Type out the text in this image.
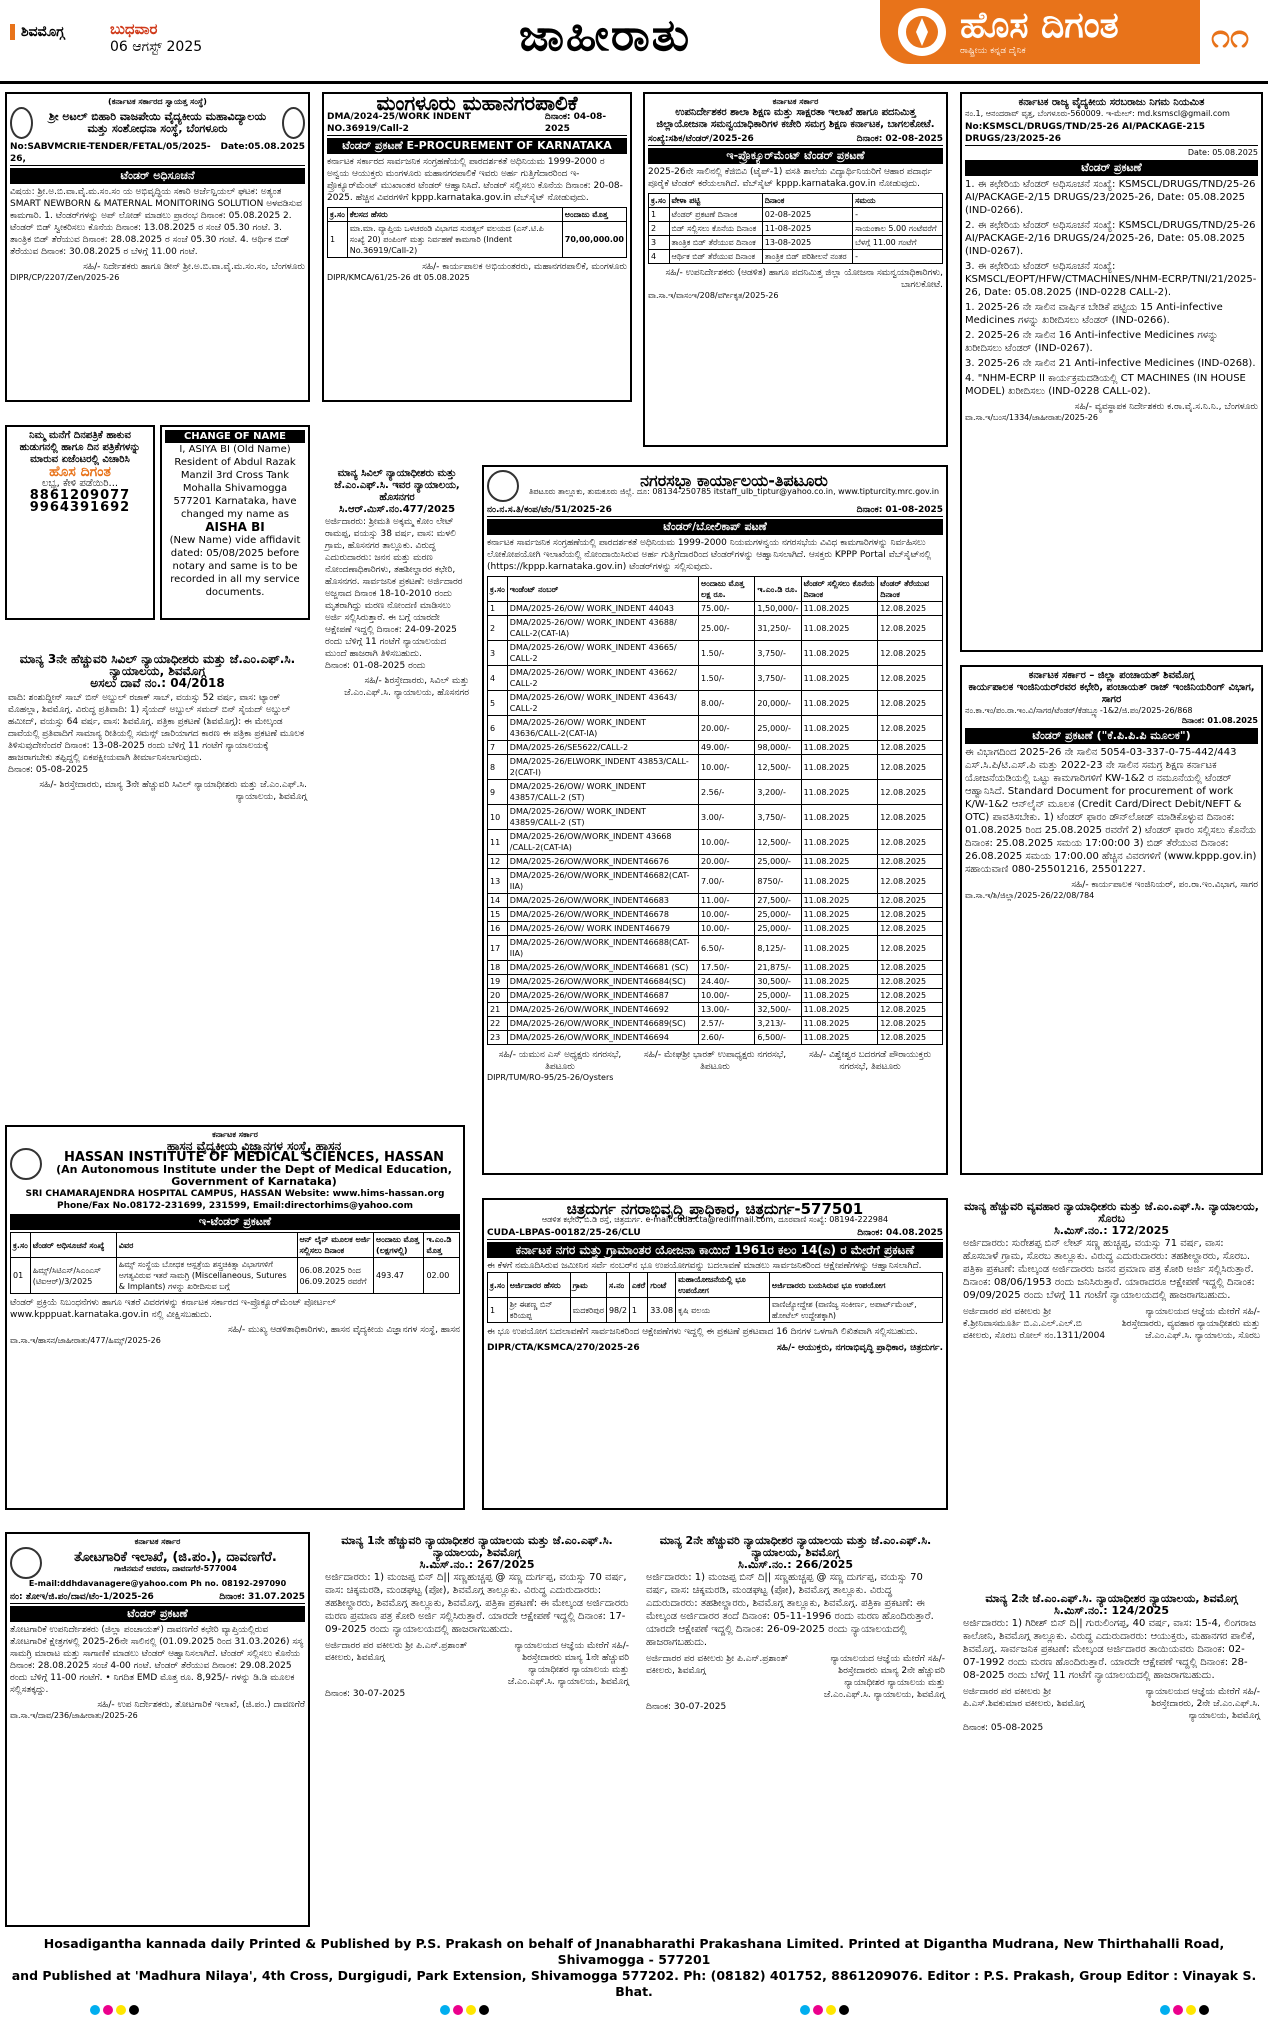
ಶಿವಮೊಗ್ಗ	ಬುಧವಾರ
06 ಆಗಸ್ಟ್ 2025	ಜಾಹೀರಾತು	ಹೊಸ ದಿಗಂತ
ರಾಷ್ಟ್ರೀಯ ಕನ್ನಡ ದೈನಿಕ	೧೧
(ಕರ್ನಾಟಕ ಸರ್ಕಾರದ ಸ್ವಾಯತ್ತ ಸಂಸ್ಥೆ)
ಶ್ರೀ ಅಟಲ್ ಬಿಹಾರಿ ವಾಜಪೇಯಿ ವೈದ್ಯಕೀಯ ಮಹಾವಿದ್ಯಾಲಯ ಮತ್ತು ಸಂಶೋಧನಾ ಸಂಸ್ಥೆ, ಬೆಂಗಳೂರು
No:SABVMCRIE-TENDER/FETAL/05/2025-26,
Date:05.08.2025
ಟೆಂಡರ್ ಅಧಿಸೂಚನೆ
ವಿಷಯ: ಶ್ರೀ.ಅ.ಬಿ.ವಾ.ವೈ.ಮ.ಸಂ.ಸಂ ಯ ಅಭಿವೃದ್ಧಿಯ ಸಕಾರಿ ಅರ್ಜೆನ್ಷಿಯಲ್ ಘಟಕ: ಅತ್ಯಂತ SMART NEWBORN & MATERNAL MONITORING SOLUTION ಅಳವಡಿಸುವ ಕಾಮಗಾರಿ. 1. ಟೆಂಡರ್‌ಗಳನ್ನು ಅಪ್ ಲೋಡ್ ಮಾಡಲು ಪ್ರಾರಂಭ ದಿನಾಂಕ: 05.08.2025 2. ಟೆಂಡರ್ ಬಿಡ್ ಸ್ವೀಕರಿಸಲು ಕೊನೆಯ ದಿನಾಂಕ: 13.08.2025 ರ ಸಂಜೆ 05.30 ಗಂಟೆ. 3. ತಾಂತ್ರಿಕ ಬಿಡ್ ತೆರೆಯುವ ದಿನಾಂಕ: 28.08.2025 ರ ಸಂಜೆ 05.30 ಗಂಟೆ. 4. ಆರ್ಥಿಕ ಬಿಡ್ ತೆರೆಯುವ ದಿನಾಂಕ: 30.08.2025 ರ ಬೆಳಗ್ಗೆ 11.00 ಗಂಟೆ.
ಸಹಿ/- ನಿರ್ದೇಶಕರು ಹಾಗೂ ಡೀನ್ ಶ್ರೀ.ಅ.ಬಿ.ವಾ.ವೈ.ಮ.ಸಂ.ಸಂ, ಬೆಂಗಳೂರು
DIPR/CP/2207/Zen/2025-26
ಮಂಗಳೂರು ಮಹಾನಗರಪಾಲಿಕೆ
DMA/2024-25/WORK INDENT NO.36919/Call-2
ದಿನಾಂಕ: 04-08-2025
ಟೆಂಡರ್ ಪ್ರಕಟಣೆ E-PROCUREMENT OF KARNATAKA
ಕರ್ನಾಟಕ ಸರ್ಕಾರದ ಸಾರ್ವಜನಿಕ ಸಂಗ್ರಹಣೆಯಲ್ಲಿ ಪಾರದರ್ಶಕತೆ ಅಧಿನಿಯಮ 1999-2000 ರ ಅನ್ವಯ ಆಯುಕ್ತರು ಮಂಗಳೂರು ಮಹಾನಗರಪಾಲಿಕೆ ಇವರು ಅರ್ಹ ಗುತ್ತಿಗೆದಾರರಿಂದ ಇ-ಪ್ರೊಕ್ಯೂರ್‌ಮೆಂಟ್ ಮುಖಾಂತರ ಟೆಂಡರ್ ಆಹ್ವಾನಿಸಿದೆ. ಟೆಂಡರ್ ಸಲ್ಲಿಸಲು ಕೊನೆಯ ದಿನಾಂಕ: 20-08-2025. ಹೆಚ್ಚಿನ ವಿವರಗಳಿಗೆ kppp.karnataka.gov.in ವೆಬ್‌ಸೈಟ್ ನೋಡುವುದು.
ಕ್ರ.ಸಂ	ಕೆಲಸದ ಹೆಸರು	ಅಂದಾಜು ಮೊತ್ತ
1	ಮಾ.ಮಾ. ವ್ಯಾಪ್ತಿಯ ಒಳಚರಂಡಿ ವಿಭಾಗದ ಸುರತ್ಕಲ್ ವಲಯದ (ಎಸ್.ಟಿ.ಪಿ ಸಂಖ್ಯೆ 20) ಪಂಪಿಂಗ್ ಮತ್ತು ನಿರ್ವಹಣೆ ಕಾಮಗಾರಿ (Indent No.36919/Call-2)	70,00,000.00
ಸಹಿ/- ಕಾರ್ಯಪಾಲಕ ಅಭಿಯಂತರರು, ಮಹಾನಗರಪಾಲಿಕೆ, ಮಂಗಳೂರು
DIPR/KMCA/61/25-26 dt 05.08.2025
ಕರ್ನಾಟಕ ಸರ್ಕಾರ
ಉಪನಿರ್ದೇಶಕರ ಶಾಲಾ ಶಿಕ್ಷಣ ಮತ್ತು ಸಾಕ್ಷರತಾ ಇಲಾಖೆ ಹಾಗೂ ಪದನಿಮಿತ್ತ ಜಿಲ್ಲಾಯೋಜನಾ ಸಮನ್ವಯಾಧಿಕಾರಿಗಳ ಕಚೇರಿ ಸಮಗ್ರ ಶಿಕ್ಷಣ ಕರ್ನಾಟಕ, ಬಾಗಲಕೋಟೆ.
ಸಂಖ್ಯೆ:ಸಶಿಕ/ಟೆಂಡರ್/2025-26	ದಿನಾಂಕ: 02-08-2025
ಇ-ಪ್ರೊಕ್ಯೂರ್‌ಮೆಂಟ್ ಟೆಂಡರ್ ಪ್ರಕಟಣೆ
2025-26ನೇ ಸಾಲಿನಲ್ಲಿ ಕೆಜಿಬಿವಿ (ಟೈಪ್-1) ವಸತಿ ಶಾಲೆಯ ವಿದ್ಯಾರ್ಥಿನಿಯರಿಗೆ ಆಹಾರ ಪದಾರ್ಥ ಪೂರೈಕೆ ಟೆಂಡರ್ ಕರೆಯಲಾಗಿದೆ. ವೆಬ್‌ಸೈಟ್ kppp.karnataka.gov.in ನೋಡುವುದು.
ಕ್ರ.ಸಂ	ವೇಳಾ ಪಟ್ಟಿ	ದಿನಾಂಕ	ಸಮಯ
1	ಟೆಂಡರ್ ಪ್ರಕಟಣೆ ದಿನಾಂಕ	02-08-2025	-
2	ಬಿಡ್ ಸಲ್ಲಿಸಲು ಕೊನೆಯ ದಿನಾಂಕ	11-08-2025	ಸಾಯಂಕಾಲ 5.00 ಗಂಟೆವರೆಗೆ
3	ತಾಂತ್ರಿಕ ಬಿಡ್ ತೆರೆಯುವ ದಿನಾಂಕ	13-08-2025	ಬೆಳಗ್ಗೆ 11.00 ಗಂಟೆಗೆ
4	ಆರ್ಥಿಕ ಬಿಡ್ ತೆರೆಯುವ ದಿನಾಂಕ	ತಾಂತ್ರಿಕ ಬಿಡ್ ಪರಿಶೀಲನೆ ನಂತರ	-
ಸಹಿ/- ಉಪನಿರ್ದೇಶಕರು (ಆಡಳಿತ) ಹಾಗೂ ಪದನಿಮಿತ್ತ ಜಿಲ್ಲಾ ಯೋಜನಾ ಸಮನ್ವಯಾಧಿಕಾರಿಗಳು, ಬಾಗಲಕೋಟೆ.
ವಾ.ಸಾ.ಇ/ವಾಸಂಇ/208/ವರ್ಗೀಕೃತ/2025-26
ಕರ್ನಾಟಕ ರಾಜ್ಯ ವೈದ್ಯಕೀಯ ಸರಬರಾಜು ನಿಗಮ ನಿಯಮಿತ
ನಂ.1, ಆನಂದರಾವ್ ವೃತ್ತ, ಬೆಂಗಳೂರು-560009. ಇ-ಮೇಲ್: md.ksmscl@gmail.com
No:KSMSCL/DRUGS/TND/25-26 AI/PACKAGE-215 DRUGS/23/2025-26
Date: 05.08.2025
ಟೆಂಡರ್ ಪ್ರಕಟಣೆ

1. ಈ ಕಛೇರಿಯ ಟೆಂಡರ್ ಅಧಿಸೂಚನೆ ಸಂಖ್ಯೆ: KSMSCL/DRUGS/TND/25-26 AI/PACKAGE-2/15 DRUGS/23/2025-26, Date: 05.08.2025 (IND-0266).

2. ಈ ಕಛೇರಿಯ ಟೆಂಡರ್ ಅಧಿಸೂಚನೆ ಸಂಖ್ಯೆ: KSMSCL/DRUGS/TND/25-26 AI/PACKAGE-2/16 DRUGS/24/2025-26, Date: 05.08.2025 (IND-0267).

3. ಈ ಕಛೇರಿಯ ಟೆಂಡರ್ ಅಧಿಸೂಚನೆ ಸಂಖ್ಯೆ: KSMSCL/EOPT/HFW/CTMACHINES/NHM-ECRP/TNI/21/2025-26, Date: 05.08.2025 (IND-0228 CALL-2).

1. 2025-26 ನೇ ಸಾಲಿನ ವಾರ್ಷಿಕ ಬೇಡಿಕೆ ಪಟ್ಟಿಯ 15 Anti-infective Medicines ಗಳನ್ನು ಖರೀದಿಸಲು ಟೆಂಡರ್ (IND-0266).

2. 2025-26 ನೇ ಸಾಲಿನ 16 Anti-infective Medicines ಗಳನ್ನು ಖರೀದಿಸಲು ಟೆಂಡರ್ (IND-0267).

3. 2025-26 ನೇ ಸಾಲಿನ 21 Anti-infective Medicines (IND-0268).

4. "NHM-ECRP II ಕಾರ್ಯಕ್ರಮದಡಿಯಲ್ಲಿ CT MACHINES (IN HOUSE MODEL) ಖರೀದಿಸಲು (IND-0228 CALL-02).

ಸಹಿ/- ವ್ಯವಸ್ಥಾಪಕ ನಿರ್ದೇಶಕರು ಕ.ರಾ.ವೈ.ಸ.ನಿ.ನಿ., ಬೆಂಗಳೂರು
ವಾ.ಸಾ.ಇ/ಬಂಸ/1334/ಜಾಹೀರಾತು/2025-26
ನಿಮ್ಮ ಮನೆಗೆ ದಿನಪತ್ರಿಕೆ ಹಾಕುವ ಹುಡುಗನಲ್ಲಿ ಹಾಗೂ ದಿನ ಪತ್ರಿಕೆಗಳನ್ನು ಮಾರುವ ಏಜೆಂಟರಲ್ಲಿ ವಿಚಾರಿಸಿ
ಹೊಸ ದಿಗಂತ
ಲಭ್ಯ, ಕೇಳಿ ಪಡೆಯಿರಿ...
8861209077
9964391692
CHANGE OF NAME
I, ASIYA BI (Old Name) Resident of Abdul Razak Manzil 3rd Cross Tank Mohalla Shivamogga 577201 Karnataka, have changed my name as
AISHA BI
(New Name) vide affidavit dated: 05/08/2025 before notary and same is to be recorded in all my service documents.
ಮಾನ್ಯ 3ನೇ ಹೆಚ್ಚುವರಿ ಸಿವಿಲ್ ನ್ಯಾಯಾಧೀಶರು ಮತ್ತು ಜೆ.ಎಂ.ಎಫ್.ಸಿ. ನ್ಯಾಯಾಲಯ, ಶಿವಮೊಗ್ಗ
ಅಸಲು ದಾವೆ ನಂ.: 04/2018
ವಾದಿ: ಶಂಶುದ್ದೀನ್ ಸಾಬ್ ಬಿನ್ ಅಬ್ದುಲ್ ರಜಾಕ್ ಸಾಬ್, ವಯಸ್ಸು 52 ವರ್ಷ, ವಾಸ: ಟ್ಯಾಂಕ್ ಮೊಹಲ್ಲಾ, ಶಿವಮೊಗ್ಗ. ವಿರುದ್ಧ ಪ್ರತಿವಾದಿ: 1) ಸೈಯದ್ ಅಬ್ದುಲ್ ಸಮದ್ ಬಿನ್ ಸೈಯದ್ ಅಬ್ದುಲ್ ಹಮೀದ್, ವಯಸ್ಸು 64 ವರ್ಷ, ವಾಸ: ಶಿವಮೊಗ್ಗ. ಪತ್ರಿಕಾ ಪ್ರಕಟಣೆ (ಶಿವಮೊಗ್ಗ): ಈ ಮೇಲ್ಕಂಡ ದಾವೆಯಲ್ಲಿ ಪ್ರತಿವಾದಿಗೆ ಸಾಮಾನ್ಯ ರೀತಿಯಲ್ಲಿ ಸಮನ್ಸ್ ಜಾರಿಯಾಗದ ಕಾರಣ ಈ ಪತ್ರಿಕಾ ಪ್ರಕಟಣೆ ಮೂಲಕ ತಿಳಿಸುವುದೇನೆಂದರೆ ದಿನಾಂಕ: 13-08-2025 ರಂದು ಬೆಳಿಗ್ಗೆ 11 ಗಂಟೆಗೆ ನ್ಯಾಯಾಲಯಕ್ಕೆ ಹಾಜರಾಗಬೇಕು ತಪ್ಪಿದ್ದಲ್ಲಿ ಏಕಪಕ್ಷೀಯವಾಗಿ ತೀರ್ಮಾನಿಸಲಾಗುವುದು.
ದಿನಾಂಕ: 05-08-2025
ಸಹಿ/- ಶಿರಸ್ತೇದಾರರು, ಮಾನ್ಯ 3ನೇ ಹೆಚ್ಚುವರಿ ಸಿವಿಲ್ ನ್ಯಾಯಾಧೀಶರು ಮತ್ತು ಜೆ.ಎಂ.ಎಫ್.ಸಿ. ನ್ಯಾಯಾಲಯ, ಶಿವಮೊಗ್ಗ
ಮಾನ್ಯ ಸಿವಿಲ್ ನ್ಯಾಯಾಧೀಶರು ಮತ್ತು ಜೆ.ಎಂ.ಎಫ್.ಸಿ. ಇವರ ನ್ಯಾಯಾಲಯ, ಹೊಸನಗರ
ಸಿ.ಆರ್.ಮಿಸ್.ನಂ.477/2025
ಅರ್ಜಿದಾರರು: ಶ್ರೀಮತಿ ಅಕ್ಕಮ್ಮ ಕೋಂ ಲೇಟ್ ರಾಮಪ್ಪ, ವಯಸ್ಸು 38 ವರ್ಷ, ವಾಸ: ಮಳಲಿ ಗ್ರಾಮ, ಹೊಸನಗರ ತಾಲ್ಲೂಕು. ವಿರುದ್ಧ ಎದುರುದಾರರು: ಜನನ ಮತ್ತು ಮರಣ ನೋಂದಣಾಧಿಕಾರಿಗಳು, ತಹಶೀಲ್ದಾರರ ಕಛೇರಿ, ಹೊಸನಗರ. ಸಾರ್ವಜನಿಕ ಪ್ರಕಟಣೆ: ಅರ್ಜಿದಾರರ ಅಜ್ಜನಾದ ದಿನಾಂಕ 18-10-2010 ರಂದು ಮೃತರಾಗಿದ್ದು ಮರಣ ನೋಂದಣಿ ಮಾಡಿಸಲು ಅರ್ಜಿ ಸಲ್ಲಿಸಿರುತ್ತಾರೆ. ಈ ಬಗ್ಗೆ ಯಾರದೇ ಆಕ್ಷೇಪಣೆ ಇದ್ದಲ್ಲಿ ದಿನಾಂಕ: 24-09-2025 ರಂದು ಬೆಳಿಗ್ಗೆ 11 ಗಂಟೆಗೆ ನ್ಯಾಯಾಲಯದ ಮುಂದೆ ಹಾಜರಾಗಿ ತಿಳಿಸಬಹುದು.
ದಿನಾಂಕ: 01-08-2025 ರಂದು
ಸಹಿ/- ಶಿರಸ್ತೇದಾರರು, ಸಿವಿಲ್ ಮತ್ತು ಜೆ.ಎಂ.ಎಫ್.ಸಿ. ನ್ಯಾಯಾಲಯ, ಹೊಸನಗರ
ನಗರಸಭಾ ಕಾರ್ಯಾಲಯ-ತಿಪಟೂರು
ತಿಪಟೂರು ತಾಲ್ಲೂಕು, ತುಮಕೂರು ಜಿಲ್ಲೆ. ದೂ: 08134-250785 itstaff_ulb_tiptur@yahoo.co.in, www.tipturcity.mrc.gov.in
ನಂ.ನ.ಸ.ತಿ/ಕಂಪ/ಟೆಂ/51/2025-26	ದಿನಾಂಕ: 01-08-2025
ಟೆಂಡರ್/ಬೋಲಿಕಾಪ್ ಪಟಣೆ
ಕರ್ನಾಟಕ ಸಾರ್ವಜನಿಕ ಸಂಗ್ರಹಣೆಯಲ್ಲಿ ಪಾರದರ್ಶಕತೆ ಅಧಿನಿಯಮ 1999-2000 ನಿಯಮಗಳನ್ವಯ ನಗರಸಭೆಯ ವಿವಿಧ ಕಾಮಗಾರಿಗಳನ್ನು ನಿರ್ವಹಿಸಲು ಲೋಕೋಪಯೋಗಿ ಇಲಾಖೆಯಲ್ಲಿ ನೋಂದಾಯಿಸಿರುವ ಅರ್ಹ ಗುತ್ತಿಗೆದಾರರಿಂದ ಟೆಂಡರ್‌ಗಳನ್ನು ಆಹ್ವಾನಿಸಲಾಗಿದೆ. ಆಸಕ್ತರು KPPP Portal ವೆಬ್‌ಸೈಟ್‌ನಲ್ಲಿ (https://kppp.karnataka.gov.in) ಟೆಂಡರ್‌ಗಳನ್ನು ಸಲ್ಲಿಸುವುದು.
ಕ್ರ.ಸಂ	ಇಂಡೆಂಟ್ ನಂಬರ್	ಅಂದಾಜು ಮೊತ್ತ ಲಕ್ಷ ರೂ.	ಇ.ಎಂ.ಡಿ ರೂ.	ಟೆಂಡರ್ ಸಲ್ಲಿಸಲು ಕೊನೆಯ ದಿನಾಂಕ	ಟೆಂಡರ್ ತೆರೆಯುವ ದಿನಾಂಕ
1	DMA/2025-26/OW/ WORK_INDENT 44043	75.00/-	1,50,000/-	11.08.2025	12.08.2025
2	DMA/2025-26/OW/ WORK_INDENT 43688/ CALL-2(CAT-IA)	25.00/-	31,250/-	11.08.2025	12.08.2025
3	DMA/2025-26/OW/ WORK_INDENT 43665/ CALL-2	1.50/-	3,750/-	11.08.2025	12.08.2025
4	DMA/2025-26/OW/ WORK_INDENT 43662/ CALL-2	1.50/-	3,750/-	11.08.2025	12.08.2025
5	DMA/2025-26/OW/ WORK_INDENT 43643/ CALL-2	8.00/-	20,000/-	11.08.2025	12.08.2025
6	DMA/2025-26/OW/ WORK_INDENT 43636/CALL-2(CAT-IA)	20.00/-	25,000/-	11.08.2025	12.08.2025
7	DMA/2025-26/SE5622/CALL-2	49.00/-	98,000/-	11.08.2025	12.08.2025
8	DMA/2025-26/ELWORK_INDENT 43853/CALL-2(CAT-I)	10.00/-	12,500/-	11.08.2025	12.08.2025
9	DMA/2025-26/OW/ WORK_INDENT 43857/CALL-2 (ST)	2.56/-	3,200/-	11.08.2025	12.08.2025
10	DMA/2025-26/OW/ WORK_INDENT 43859/CALL-2 (ST)	3.00/-	3,750/-	11.08.2025	12.08.2025
11	DMA/2025-26/OW/WORK_INDENT 43668 /CALL-2(CAT-IA)	10.00/-	12,500/-	11.08.2025	12.08.2025
12	DMA/2025-26/OW/WORK_INDENT46676	20.00/-	25,000/-	11.08.2025	12.08.2025
13	DMA/2025-26/OW/WORK_INDENT46682(CAT-IIA)	7.00/-	8750/-	11.08.2025	12.08.2025
14	DMA/2025-26/OW/WORK_INDENT46683	11.00/-	27,500/-	11.08.2025	12.08.2025
15	DMA/2025-26/OW/WORK_INDENT46678	10.00/-	25,000/-	11.08.2025	12.08.2025
16	DMA/2025-26/OW/ WORK INDENT46679	10.00/-	25,000/-	11.08.2025	12.08.2025
17	DMA/2025-26/OW/WORK_INDENT46688(CAT-IIA)	6.50/-	8,125/-	11.08.2025	12.08.2025
18	DMA/2025-26/OW/WORK_INDENT46681 (SC)	17.50/-	21,875/-	11.08.2025	12.08.2025
19	DMA/2025-26/OW/WORK_INDENT46684(SC)	24.40/-	30,500/-	11.08.2025	12.08.2025
20	DMA/2025-26/OW/WORK_INDENT46687	10.00/-	25,000/-	11.08.2025	12.08.2025
21	DMA/2025-26/OW/WORK_INDENT46692	13.00/-	32,500/-	11.08.2025	12.08.2025
22	DMA/2025-26/OW/WORK_INDENT46689(SC)	2.57/-	3,213/-	11.08.2025	12.08.2025
23	DMA/2025-26/OW/WORK_INDENT46694	2.60/-	6,500/-	11.08.2025	12.08.2025
ಸಹಿ/- ಯಮುನ ಎಸ್ ಅಧ್ಯಕ್ಷರು ನಗರಸಭೆ, ತಿಪಟೂರು
ಸಹಿ/- ಮೇಘಶ್ರೀ ಭಾರತ್ ಉಪಾಧ್ಯಕ್ಷರು ನಗರಸಭೆ, ತಿಪಟೂರು
ಸಹಿ/- ವಿಶ್ವೇಶ್ವರ ಬದರಗಡೆ ಪೌರಾಯುಕ್ತರು ನಗರಸಭೆ, ತಿಪಟೂರು
DIPR/TUM/RO-95/25-26/Oysters
ಕರ್ನಾಟಕ ಸರ್ಕಾರ – ಜಿಲ್ಲಾ ಪಂಚಾಯತ್ ಶಿವಮೊಗ್ಗ
ಕಾರ್ಯಪಾಲಕ ಇಂಜಿನಿಯರ್‌ರವರ ಕಛೇರಿ, ಪಂಚಾಯತ್ ರಾಜ್ ಇಂಜಿನಿಯರಿಂಗ್ ವಿಭಾಗ, ಸಾಗರ
ನಂ.ಕಾ.ಇಂ/ಪಂ.ರಾ.ಇಂ.ವಿ/ಸಾಗರ/ಟೆಂಡರ್/ಕೆಡಬ್ಲ್ಯೂ-1&2/ಜಿ.ಪಂ/2025-26/868
ದಿನಾಂಕ: 01.08.2025
ಟೆಂಡರ್ ಪ್ರಕಟಣೆ ("ಕೆ.ಪಿ.ಪಿ.ಪಿ ಮೂಲಕ")
ಈ ವಿಭಾಗದಿಂದ 2025-26 ನೇ ಸಾಲಿನ 5054-03-337-0-75-442/443 ಎಸ್.ಸಿ.ಪಿ/ಟಿ.ಎಸ್.ಪಿ ಮತ್ತು 2022-23 ನೇ ಸಾಲಿನ ಸಮಗ್ರ ಶಿಕ್ಷಣ ಕರ್ನಾಟಕ ಯೋಜನೆಯಡಿಯಲ್ಲಿ ಒಟ್ಟು ಕಾಮಗಾರಿಗಳಿಗೆ KW-1&2 ರ ನಮೂನೆಯಲ್ಲಿ ಟೆಂಡರ್ ಆಹ್ವಾನಿಸಿದೆ. Standard Document for procurement of work K/W-1&2 ಆನ್‌ಲೈನ್ ಮೂಲಕ (Credit Card/Direct Debit/NEFT & OTC) ಪಾವತಿಸಬೇಕು. 1) ಟೆಂಡರ್ ಫಾರಂ ಡೌನ್‌ಲೋಡ್ ಮಾಡಿಕೊಳ್ಳುವ ದಿನಾಂಕ: 01.08.2025 ರಿಂದ 25.08.2025 ರವರೆಗೆ 2) ಟೆಂಡರ್ ಫಾರಂ ಸಲ್ಲಿಸಲು ಕೊನೆಯ ದಿನಾಂಕ: 25.08.2025 ಸಮಯ 17:00:00 3) ಬಿಡ್ ತೆರೆಯುವ ದಿನಾಂಕ: 26.08.2025 ಸಮಯ 17:00.00 ಹೆಚ್ಚಿನ ವಿವರಗಳಿಗೆ (www.kppp.gov.in) ಸಹಾಯವಾಣಿ 080-25501216, 25501227.
ಸಹಿ/- ಕಾರ್ಯಪಾಲಕ ಇಂಜಿನಿಯರ್, ಪಂ.ರಾ.ಇಂ.ವಿಭಾಗ, ಸಾಗರ
ವಾ.ಸಾ.ಇ/ಶಿ/ಜಿಲ್ಲಾ/2025-26/22/08/784
ಕರ್ನಾಟಕ ಸರ್ಕಾರ
ಹಾಸನ ವೈದ್ಯಕೀಯ ವಿಜ್ಞಾನಗಳ ಸಂಸ್ಥೆ, ಹಾಸನ
HASSAN INSTITUTE OF MEDICAL SCIENCES, HASSAN
(An Autonomous Institute under the Dept of Medical Education, Government of Karnataka)
SRI CHAMARAJENDRA HOSPITAL CAMPUS, HASSAN Website: www.hims-hassan.org
Phone/Fax No.08172-231699, 231599, Email:directorhims@yahoo.com
ಇ-ಟೆಂಡರ್ ಪ್ರಕಟಣೆ
ಕ್ರ.ಸಂ	ಟೆಂಡರ್ ಅಧಿಸೂಚನೆ ಸಂಖ್ಯೆ	ವಿವರ	ಆನ್ ಲೈನ್ ಮೂಲಕ ಅರ್ಜಿ ಸಲ್ಲಿಸಲು ದಿನಾಂಕ	ಅಂದಾಜು ಮೊತ್ತ (ಲಕ್ಷಗಳಲ್ಲಿ)	ಇ.ಎಂ.ಡಿ ಮೊತ್ತ
01	ಹಿಮ್ಸ್/ಸಿಟಿಎಸ್/ಸಿಎಂಎಸ್ (ಟಿಐಆರ್)/3/2025	ಹಿಮ್ಸ್ ಸಂಸ್ಥೆಯ ಬೋಧಕ ಆಸ್ಪತ್ರೆಯ ಶಸ್ತ್ರಚಿಕಿತ್ಸಾ ವಿಭಾಗಗಳಿಗೆ ಅಗತ್ಯವಿರುವ ಇತರೆ ಸಾಮಗ್ರಿ (Miscellaneous, Sutures & Implants) ಗಳನ್ನು ಖರೀದಿಸುವ ಬಗ್ಗೆ	06.08.2025 ರಿಂದ 06.09.2025 ರವರೆಗೆ	493.47	02.00
ಟೆಂಡರ್ ಪ್ರಕ್ರಿಯೆ ನಿಬಂಧನೆಗಳು ಹಾಗೂ ಇತರೆ ವಿವರಗಳನ್ನು ಕರ್ನಾಟಕ ಸರ್ಕಾರದ ಇ-ಪ್ರೊಕ್ಯೂರ್‌ಮೆಂಟ್ ಪೋರ್ಟಲ್ www.kpppuat.karnataka.gov.in ನಲ್ಲಿ ವೀಕ್ಷಿಸಬಹುದು.
ಸಹಿ/- ಮುಖ್ಯ ಆಡಳಿತಾಧಿಕಾರಿಗಳು, ಹಾಸನ ವೈದ್ಯಕೀಯ ವಿಜ್ಞಾನಗಳ ಸಂಸ್ಥೆ, ಹಾಸನ
ವಾ.ಸಾ.ಇ/ಹಾಸನ/ಜಾಹೀರಾತು/477/ಹಿಮ್ಸ್/2025-26
ಚಿತ್ರದುರ್ಗ ನಗರಾಭಿವೃದ್ಧಿ ಪ್ರಾಧಿಕಾರ, ಚಿತ್ರದುರ್ಗ-577501
ಆಡಳಿತ ಕಛೇರಿ, ಬಿ.ಡಿ ರಸ್ತೆ, ಚಿತ್ರದುರ್ಗ. e-mail:cuda.cta@rediffmail.com, ದೂರವಾಣಿ ಸಂಖ್ಯೆ: 08194-222984
CUDA-LBPAS-00182/25-26/CLU	ದಿನಾಂಕ: 04.08.2025
ಕರ್ನಾಟಕ ನಗರ ಮತ್ತು ಗ್ರಾಮಾಂತರ ಯೋಜನಾ ಕಾಯಿದೆ 1961ರ ಕಲಂ 14(ಎ) ರ ಮೇರೆಗೆ ಪ್ರಕಟಣೆ
ಈ ಕೆಳಗೆ ನಮೂದಿಸಿರುವ ಜಮೀನಿನ ಸರ್ವೆ ನಂಬರ್‌ನ ಭೂ ಉಪಯೋಗವನ್ನು ಬದಲಾವಣೆ ಮಾಡಲು ಸಾರ್ವಜನಿಕರಿಂದ ಆಕ್ಷೇಪಣೆಗಳನ್ನು ಆಹ್ವಾನಿಸಲಾಗಿದೆ.
ಕ್ರ.ಸಂ	ಅರ್ಜಿದಾರರ ಹೆಸರು	ಗ್ರಾಮ	ಸ.ನಂ	ಎಕರೆ	ಗುಂಟೆ	ಮಹಾಯೋಜನೆಯಲ್ಲಿ ಭೂ ಉಪಯೋಗ	ಅರ್ಜಿದಾರರು ಬಯಸಿರುವ ಭೂ ಉಪಯೋಗ
1	ಶ್ರೀ ಈಶಣ್ಣ ಬಿನ್ ಕರಿಯಪ್ಪ	ಮದಕರಿಪುರ	98/2	1	33.08	ಕೃಷಿ ವಲಯ	ವಾಣಿಜ್ಯೋದ್ದೇಶ (ವಾಣಿಜ್ಯ ಸಂಕೀರ್ಣ, ಅಪಾರ್ಟ್‌ಮೆಂಟ್, ಹೋಟೆಲ್ ಉದ್ದೇಶಕ್ಕಾಗಿ)
ಈ ಭೂ ಉಪಯೋಗ ಬದಲಾವಣೆಗೆ ಸಾರ್ವಜನಿಕರಿಂದ ಆಕ್ಷೇಪಣೆಗಳು ಇದ್ದಲ್ಲಿ ಈ ಪ್ರಕಟಣೆ ಪ್ರಕಟವಾದ 16 ದಿನಗಳ ಒಳಗಾಗಿ ಲಿಖಿತವಾಗಿ ಸಲ್ಲಿಸಬಹುದು.
DIPR/CTA/KSMCA/270/2025-26	ಸಹಿ/- ಆಯುಕ್ತರು, ನಗರಾಭಿವೃದ್ಧಿ ಪ್ರಾಧಿಕಾರ, ಚಿತ್ರದುರ್ಗ.
ಮಾನ್ಯ ಹೆಚ್ಚುವರಿ ವ್ಯವಹಾರ ನ್ಯಾಯಾಧೀಶರು ಮತ್ತು ಜೆ.ಎಂ.ಎಫ್.ಸಿ. ನ್ಯಾಯಾಲಯ, ಸೊರಬ
ಸಿ.ಮಿಸ್.ನಂ.: 172/2025
ಅರ್ಜಿದಾರರು: ಸುರೇಶಪ್ಪ ಬಿನ್ ಲೇಟ್ ಸಣ್ಣ ಹುಚ್ಚಪ್ಪ, ವಯಸ್ಸು 71 ವರ್ಷ, ವಾಸ: ಹೊಸಬಾಳೆ ಗ್ರಾಮ, ಸೊರಬ ತಾಲ್ಲೂಕು. ವಿರುದ್ಧ ಎದುರುದಾರರು: ತಹಶೀಲ್ದಾರರು, ಸೊರಬ. ಪತ್ರಿಕಾ ಪ್ರಕಟಣೆ: ಮೇಲ್ಕಂಡ ಅರ್ಜಿದಾರರು ಜನನ ಪ್ರಮಾಣ ಪತ್ರ ಕೋರಿ ಅರ್ಜಿ ಸಲ್ಲಿಸಿರುತ್ತಾರೆ. ದಿನಾಂಕ: 08/06/1953 ರಂದು ಜನಿಸಿರುತ್ತಾರೆ. ಯಾರಾದರೂ ಆಕ್ಷೇಪಣೆ ಇದ್ದಲ್ಲಿ ದಿನಾಂಕ: 09/09/2025 ರಂದು ಬೆಳಗ್ಗೆ 11 ಗಂಟೆಗೆ ನ್ಯಾಯಾಲಯದಲ್ಲಿ ಹಾಜರಾಗಬಹುದು.
ಅರ್ಜಿದಾರರ ಪರ ವಕೀಲರು ಶ್ರೀ ಕೆ.ಶ್ರೀನಿವಾಸಮೂರ್ತಿ ಬಿ.ಎ.ಎಲ್.ಎಲ್.ಬಿ ವಕೀಲರು, ಸೊರಬ ರೋಲ್ ನಂ.1311/2004
ನ್ಯಾಯಾಲಯದ ಆಜ್ಞೆಯ ಮೇರೆಗೆ ಸಹಿ/- ಶಿರಸ್ತೇದಾರರು, ವ್ಯವಹಾರ ನ್ಯಾಯಾಧೀಶರು ಮತ್ತು ಜೆ.ಎಂ.ಎಫ್.ಸಿ. ನ್ಯಾಯಾಲಯ, ಸೊರಬ
ಕರ್ನಾಟಕ ಸರ್ಕಾರ
ತೋಟಗಾರಿಕೆ ಇಲಾಖೆ, (ಜಿ.ಪಂ.), ದಾವಣಗೆರೆ.
ಗಾಜಿನಮನೆ ಆವರಣ, ದಾವಣಗೆರೆ-577004
E-mail:ddhdavanagere@yahoo.com Ph no. 08192-297090
ನಂ: ತೋಇ/ಜಿ.ಪಂ/ದಾವ/ಟೆಂ-1/2025-26	ದಿನಾಂಕ: 31.07.2025
ಟೆಂಡರ್ ಪ್ರಕಟಣೆ
ತೋಟಗಾರಿಕೆ ಉಪನಿರ್ದೇಶಕರು (ಜಿಲ್ಲಾ ಪಂಚಾಯತ್) ದಾವಣಗೆರೆ ಕಛೇರಿ ವ್ಯಾಪ್ತಿಯಲ್ಲಿರುವ ತೋಟಗಾರಿಕೆ ಕ್ಷೇತ್ರಗಳಲ್ಲಿ 2025-26ನೇ ಸಾಲಿನಲ್ಲಿ (01.09.2025 ರಿಂದ 31.03.2026) ಸಸ್ಯ ಸಾಮಗ್ರಿ ಮಾರಾಟ ಮತ್ತು ಸಾಗಾಣಿಕೆ ಮಾಡಲು ಟೆಂಡರ್ ಆಹ್ವಾನಿಸಲಾಗಿದೆ. ಟೆಂಡರ್ ಸಲ್ಲಿಸಲು ಕೊನೆಯ ದಿನಾಂಕ: 28.08.2025 ಸಂಜೆ 4-00 ಗಂಟೆ. ಟೆಂಡರ್ ತೆರೆಯುವ ದಿನಾಂಕ: 29.08.2025 ರಂದು ಬೆಳಿಗ್ಗೆ 11-00 ಗಂಟೆಗೆ. • ನಿಗದಿತ EMD ಮೊತ್ತ ರೂ. 8,925/- ಗಳನ್ನು ಡಿ.ಡಿ ಮೂಲಕ ಸಲ್ಲಿಸತಕ್ಕದ್ದು.
ಸಹಿ/- ಉಪ ನಿರ್ದೇಶಕರು, ತೋಟಗಾರಿಕೆ ಇಲಾಖೆ, (ಜಿ.ಪಂ.) ದಾವಣಗೆರೆ
ವಾ.ಸಾ.ಇ/ದಾವ/236/ಜಾಹೀರಾತು/2025-26
ಮಾನ್ಯ 1ನೇ ಹೆಚ್ಚುವರಿ ನ್ಯಾಯಾಧೀಶರ ನ್ಯಾಯಾಲಯ ಮತ್ತು ಜೆ.ಎಂ.ಎಫ್.ಸಿ. ನ್ಯಾಯಾಲಯ, ಶಿವಮೊಗ್ಗ
ಸಿ.ಮಿಸ್.ನಂ.: 267/2025
ಅರ್ಜಿದಾರರು: 1) ಮಂಜಪ್ಪ ಬಿನ್ ದಿ|| ಸಣ್ಣಹುಚ್ಚಪ್ಪ @ ಸಣ್ಣ ದುರ್ಗಪ್ಪ, ವಯಸ್ಸು 70 ವರ್ಷ, ವಾಸ: ಚಿಕ್ಕಮರಡಿ, ಮಂಡಘಟ್ಟ (ಪೋ), ಶಿವಮೊಗ್ಗ ತಾಲ್ಲೂಕು. ವಿರುದ್ಧ ಎದುರುದಾರರು: ತಹಶೀಲ್ದಾರರು, ಶಿವಮೊಗ್ಗ ತಾಲ್ಲೂಕು, ಶಿವಮೊಗ್ಗ. ಪತ್ರಿಕಾ ಪ್ರಕಟಣೆ: ಈ ಮೇಲ್ಕಂಡ ಅರ್ಜಿದಾರರು ಮರಣ ಪ್ರಮಾಣ ಪತ್ರ ಕೋರಿ ಅರ್ಜಿ ಸಲ್ಲಿಸಿರುತ್ತಾರೆ. ಯಾರದೇ ಆಕ್ಷೇಪಣೆ ಇದ್ದಲ್ಲಿ ದಿನಾಂಕ: 17-09-2025 ರಂದು ನ್ಯಾಯಾಲಯದಲ್ಲಿ ಹಾಜರಾಗಬಹುದು.
ಅರ್ಜಿದಾರರ ಪರ ವಕೀಲರು ಶ್ರೀ ಪಿ.ಎನ್.ಪ್ರಶಾಂತ್ ವಕೀಲರು, ಶಿವಮೊಗ್ಗ
ನ್ಯಾಯಾಲಯದ ಆಜ್ಞೆಯ ಮೇರೆಗೆ ಸಹಿ/- ಶಿರಸ್ತೇದಾರರು ಮಾನ್ಯ 1ನೇ ಹೆಚ್ಚುವರಿ ನ್ಯಾಯಾಧೀಶರ ನ್ಯಾಯಾಲಯ ಮತ್ತು ಜೆ.ಎಂ.ಎಫ್.ಸಿ. ನ್ಯಾಯಾಲಯ, ಶಿವಮೊಗ್ಗ
ದಿನಾಂಕ: 30-07-2025
ಮಾನ್ಯ 2ನೇ ಹೆಚ್ಚುವರಿ ನ್ಯಾಯಾಧೀಶರ ನ್ಯಾಯಾಲಯ ಮತ್ತು ಜೆ.ಎಂ.ಎಫ್.ಸಿ. ನ್ಯಾಯಾಲಯ, ಶಿವಮೊಗ್ಗ
ಸಿ.ಮಿಸ್.ನಂ.: 266/2025
ಅರ್ಜಿದಾರರು: 1) ಮಂಜಪ್ಪ ಬಿನ್ ದಿ|| ಸಣ್ಣಹುಚ್ಚಪ್ಪ @ ಸಣ್ಣ ದುರ್ಗಪ್ಪ, ವಯಸ್ಸು 70 ವರ್ಷ, ವಾಸ: ಚಿಕ್ಕಮರಡಿ, ಮಂಡಘಟ್ಟ (ಪೋ), ಶಿವಮೊಗ್ಗ ತಾಲ್ಲೂಕು. ವಿರುದ್ಧ ಎದುರುದಾರರು: ತಹಶೀಲ್ದಾರರು, ಶಿವಮೊಗ್ಗ ತಾಲ್ಲೂಕು, ಶಿವಮೊಗ್ಗ. ಪತ್ರಿಕಾ ಪ್ರಕಟಣೆ: ಈ ಮೇಲ್ಕಂಡ ಅರ್ಜಿದಾರರ ತಂದೆ ದಿನಾಂಕ: 05-11-1996 ರಂದು ಮರಣ ಹೊಂದಿರುತ್ತಾರೆ. ಯಾರದೇ ಆಕ್ಷೇಪಣೆ ಇದ್ದಲ್ಲಿ ದಿನಾಂಕ: 26-09-2025 ರಂದು ನ್ಯಾಯಾಲಯದಲ್ಲಿ ಹಾಜರಾಗಬಹುದು.
ಅರ್ಜಿದಾರರ ಪರ ವಕೀಲರು ಶ್ರೀ ಪಿ.ಎನ್.ಪ್ರಶಾಂತ್ ವಕೀಲರು, ಶಿವಮೊಗ್ಗ
ನ್ಯಾಯಾಲಯದ ಆಜ್ಞೆಯ ಮೇರೆಗೆ ಸಹಿ/- ಶಿರಸ್ತೇದಾರರು ಮಾನ್ಯ 2ನೇ ಹೆಚ್ಚುವರಿ ನ್ಯಾಯಾಧೀಶರ ನ್ಯಾಯಾಲಯ ಮತ್ತು ಜೆ.ಎಂ.ಎಫ್.ಸಿ. ನ್ಯಾಯಾಲಯ, ಶಿವಮೊಗ್ಗ
ದಿನಾಂಕ: 30-07-2025
ಮಾನ್ಯ 2ನೇ ಜೆ.ಎಂ.ಎಫ್.ಸಿ. ನ್ಯಾಯಾಧೀಶರ ನ್ಯಾಯಾಲಯ, ಶಿವಮೊಗ್ಗ
ಸಿ.ಮಿಸ್.ನಂ.: 124/2025
ಅರ್ಜಿದಾರರು: 1) ಗಿರೀಶ್ ಬಿನ್ ದಿ|| ಗುರುಲಿಂಗಪ್ಪ, 40 ವರ್ಷ, ವಾಸ: 15-4, ಲಿಂಗರಾಜ ಕಾಲೋನಿ, ಶಿವಮೊಗ್ಗ ತಾಲ್ಲೂಕು. ವಿರುದ್ಧ ಎದುರುದಾರರು: ಆಯುಕ್ತರು, ಮಹಾನಗರ ಪಾಲಿಕೆ, ಶಿವಮೊಗ್ಗ. ಸಾರ್ವಜನಿಕ ಪ್ರಕಟಣೆ: ಮೇಲ್ಕಂಡ ಅರ್ಜಿದಾರರ ತಾಯಿಯವರು ದಿನಾಂಕ: 02-07-1992 ರಂದು ಮರಣ ಹೊಂದಿರುತ್ತಾರೆ. ಯಾರದೇ ಆಕ್ಷೇಪಣೆ ಇದ್ದಲ್ಲಿ ದಿನಾಂಕ: 28-08-2025 ರಂದು ಬೆಳಿಗ್ಗೆ 11 ಗಂಟೆಗೆ ನ್ಯಾಯಾಲಯದಲ್ಲಿ ಹಾಜರಾಗಬಹುದು.
ಅರ್ಜಿದಾರರ ಪರ ವಕೀಲರು ಶ್ರೀ ಪಿ.ಎಸ್.ಶಿವಕುಮಾರ ವಕೀಲರು, ಶಿವಮೊಗ್ಗ
ನ್ಯಾಯಾಲಯದ ಆಜ್ಞೆಯ ಮೇರೆಗೆ ಸಹಿ/- ಶಿರಸ್ತೇದಾರರು, 2ನೇ ಜೆ.ಎಂ.ಎಫ್.ಸಿ. ನ್ಯಾಯಾಲಯ, ಶಿವಮೊಗ್ಗ
ದಿನಾಂಕ: 05-08-2025
Hosadigantha kannada daily Printed & Published by P.S. Prakash on behalf of Jnanabharathi Prakashana Limited. Printed at Digantha Mudrana, New Thirthahalli Road, Shivamogga - 577201
and Published at 'Madhura Nilaya', 4th Cross, Durgigudi, Park Extension, Shivamogga 577202. Ph: (08182) 401752, 8861209076. Editor : P.S. Prakash, Group Editor : Vinayak S. Bhat.
